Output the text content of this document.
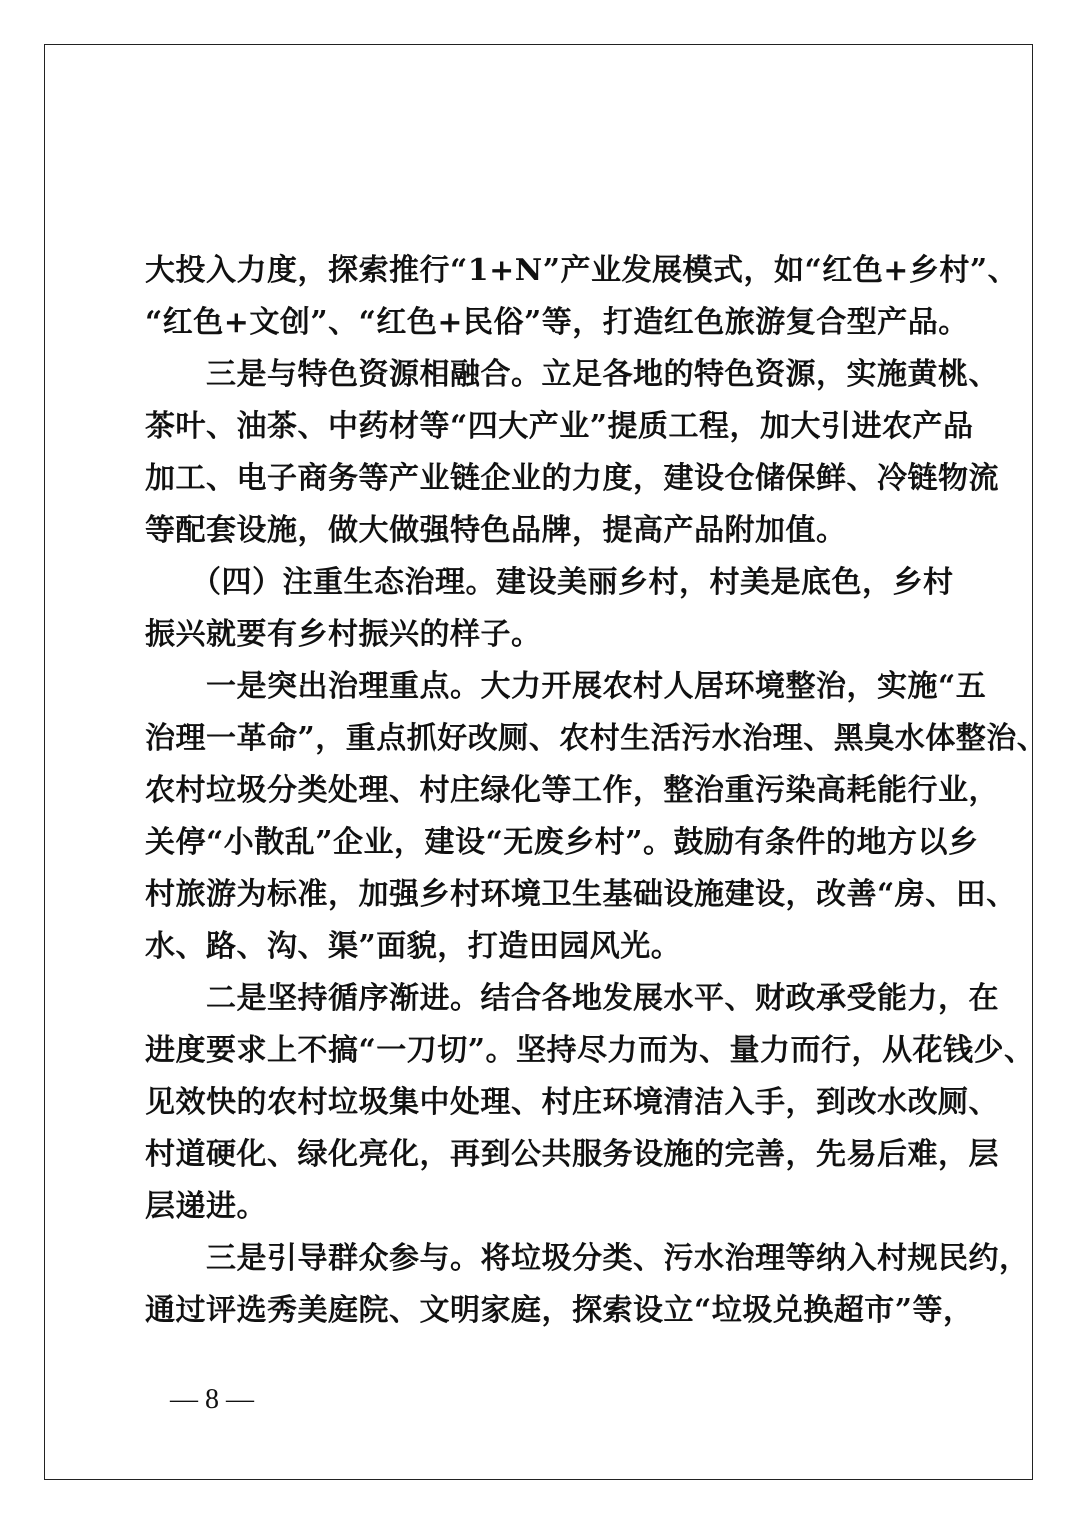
大投入力度，探索推行“1+N”产业发展模式，如“红色+乡村”、
“红色+文创”、“红色+民俗”等，打造红色旅游复合型产品。
　　三是与特色资源相融合。立足各地的特色资源，实施黄桃、
茶叶、油茶、中药材等“四大产业”提质工程，加大引进农产品
加工、电子商务等产业链企业的力度，建设仓储保鲜、冷链物流
等配套设施，做大做强特色品牌，提高产品附加值。
　　（四）注重生态治理。建设美丽乡村，村美是底色，乡村
振兴就要有乡村振兴的样子。
　　一是突出治理重点。大力开展农村人居环境整治，实施“五
治理一革命”，重点抓好改厕、农村生活污水治理、黑臭水体整治、
农村垃圾分类处理、村庄绿化等工作，整治重污染高耗能行业，
关停“小散乱”企业，建设“无废乡村”。鼓励有条件的地方以乡
村旅游为标准，加强乡村环境卫生基础设施建设，改善“房、田、
水、路、沟、渠”面貌，打造田园风光。
　　二是坚持循序渐进。结合各地发展水平、财政承受能力，在
进度要求上不搞“一刀切”。坚持尽力而为、量力而行，从花钱少、
见效快的农村垃圾集中处理、村庄环境清洁入手，到改水改厕、
村道硬化、绿化亮化，再到公共服务设施的完善，先易后难，层
层递进。
　　三是引导群众参与。将垃圾分类、污水治理等纳入村规民约，
通过评选秀美庭院、文明家庭，探索设立“垃圾兑换超市”等，
— 8 —
